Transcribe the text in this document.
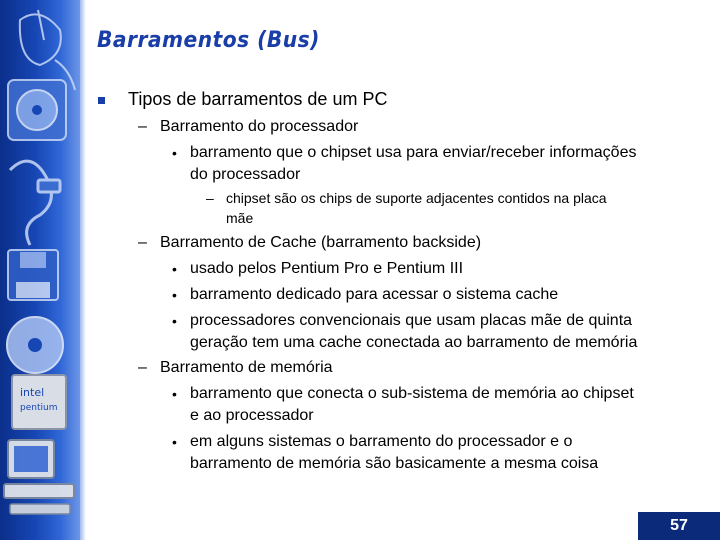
intel
pentium
Barramentos (Bus)
Tipos de barramentos de um PC
– Barramento do processador
• barramento que o chipset usa para enviar/receber informações
do processador
– chipset são os chips de suporte adjacentes contidos na placa
mãe
– Barramento de Cache (barramento backside)
• usado pelos Pentium Pro e Pentium III
• barramento dedicado para acessar o sistema cache
• processadores convencionais que usam placas mãe de quinta
geração tem uma cache conectada ao barramento de memória
– Barramento de memória
• barramento que conecta o sub-sistema de memória ao chipset
e ao processador
• em alguns sistemas o barramento do processador e o
barramento de memória são basicamente a mesma coisa
57
